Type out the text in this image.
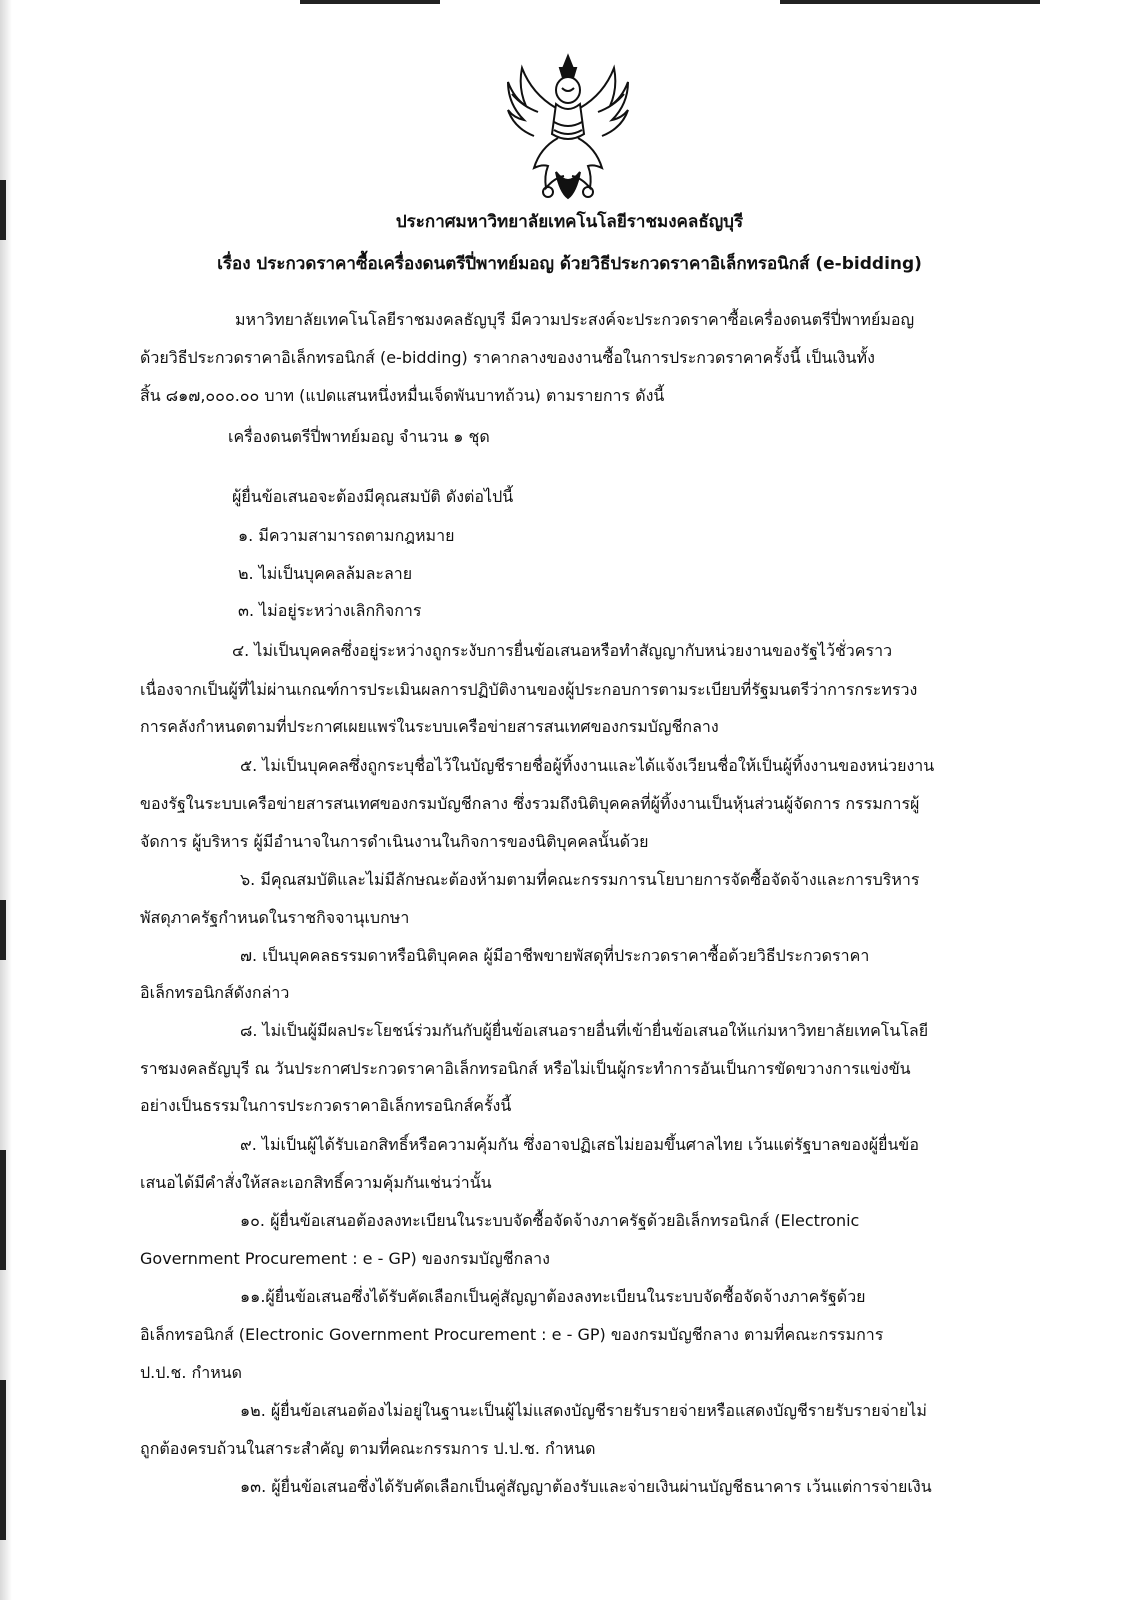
ประกาศมหาวิทยาลัยเทคโนโลยีราชมงคลธัญบุรี
เรื่อง ประกวดราคาซื้อเครื่องดนตรีปี่พาทย์มอญ ด้วยวิธีประกวดราคาอิเล็กทรอนิกส์ (e-bidding)
มหาวิทยาลัยเทคโนโลยีราชมงคลธัญบุรี มีความประสงค์จะประกวดราคาซื้อเครื่องดนตรีปี่พาทย์มอญ
ด้วยวิธีประกวดราคาอิเล็กทรอนิกส์ (e-bidding) ราคากลางของงานซื้อในการประกวดราคาครั้งนี้ เป็นเงินทั้ง
สิ้น ๘๑๗,๐๐๐.๐๐ บาท (แปดแสนหนึ่งหมื่นเจ็ดพันบาทถ้วน) ตามรายการ ดังนี้
เครื่องดนตรีปี่พาทย์มอญ จำนวน ๑ ชุด
ผู้ยื่นข้อเสนอจะต้องมีคุณสมบัติ ดังต่อไปนี้
๑. มีความสามารถตามกฎหมาย
๒. ไม่เป็นบุคคลล้มละลาย
๓. ไม่อยู่ระหว่างเลิกกิจการ
๔. ไม่เป็นบุคคลซึ่งอยู่ระหว่างถูกระงับการยื่นข้อเสนอหรือทำสัญญากับหน่วยงานของรัฐไว้ชั่วคราว
เนื่องจากเป็นผู้ที่ไม่ผ่านเกณฑ์การประเมินผลการปฏิบัติงานของผู้ประกอบการตามระเบียบที่รัฐมนตรีว่าการกระทรวง
การคลังกำหนดตามที่ประกาศเผยแพร่ในระบบเครือข่ายสารสนเทศของกรมบัญชีกลาง
๕. ไม่เป็นบุคคลซึ่งถูกระบุชื่อไว้ในบัญชีรายชื่อผู้ทิ้งงานและได้แจ้งเวียนชื่อให้เป็นผู้ทิ้งงานของหน่วยงาน
ของรัฐในระบบเครือข่ายสารสนเทศของกรมบัญชีกลาง ซึ่งรวมถึงนิติบุคคลที่ผู้ทิ้งงานเป็นหุ้นส่วนผู้จัดการ กรรมการผู้
จัดการ ผู้บริหาร ผู้มีอำนาจในการดำเนินงานในกิจการของนิติบุคคลนั้นด้วย
๖. มีคุณสมบัติและไม่มีลักษณะต้องห้ามตามที่คณะกรรมการนโยบายการจัดซื้อจัดจ้างและการบริหาร
พัสดุภาครัฐกำหนดในราชกิจจานุเบกษา
๗. เป็นบุคคลธรรมดาหรือนิติบุคคล ผู้มีอาชีพขายพัสดุที่ประกวดราคาซื้อด้วยวิธีประกวดราคา
อิเล็กทรอนิกส์ดังกล่าว
๘. ไม่เป็นผู้มีผลประโยชน์ร่วมกันกับผู้ยื่นข้อเสนอรายอื่นที่เข้ายื่นข้อเสนอให้แก่มหาวิทยาลัยเทคโนโลยี
ราชมงคลธัญบุรี ณ วันประกาศประกวดราคาอิเล็กทรอนิกส์ หรือไม่เป็นผู้กระทำการอันเป็นการขัดขวางการแข่งขัน
อย่างเป็นธรรมในการประกวดราคาอิเล็กทรอนิกส์ครั้งนี้
๙. ไม่เป็นผู้ได้รับเอกสิทธิ์หรือความคุ้มกัน ซึ่งอาจปฏิเสธไม่ยอมขึ้นศาลไทย เว้นแต่รัฐบาลของผู้ยื่นข้อ
เสนอได้มีคำสั่งให้สละเอกสิทธิ์ความคุ้มกันเช่นว่านั้น
๑๐. ผู้ยื่นข้อเสนอต้องลงทะเบียนในระบบจัดซื้อจัดจ้างภาครัฐด้วยอิเล็กทรอนิกส์ (Electronic
Government Procurement : e - GP) ของกรมบัญชีกลาง
๑๑.ผู้ยื่นข้อเสนอซึ่งได้รับคัดเลือกเป็นคู่สัญญาต้องลงทะเบียนในระบบจัดซื้อจัดจ้างภาครัฐด้วย
อิเล็กทรอนิกส์ (Electronic Government Procurement : e - GP) ของกรมบัญชีกลาง ตามที่คณะกรรมการ
ป.ป.ช. กำหนด
๑๒. ผู้ยื่นข้อเสนอต้องไม่อยู่ในฐานะเป็นผู้ไม่แสดงบัญชีรายรับรายจ่ายหรือแสดงบัญชีรายรับรายจ่ายไม่
ถูกต้องครบถ้วนในสาระสำคัญ ตามที่คณะกรรมการ ป.ป.ช. กำหนด
๑๓. ผู้ยื่นข้อเสนอซึ่งได้รับคัดเลือกเป็นคู่สัญญาต้องรับและจ่ายเงินผ่านบัญชีธนาคาร เว้นแต่การจ่ายเงิน
